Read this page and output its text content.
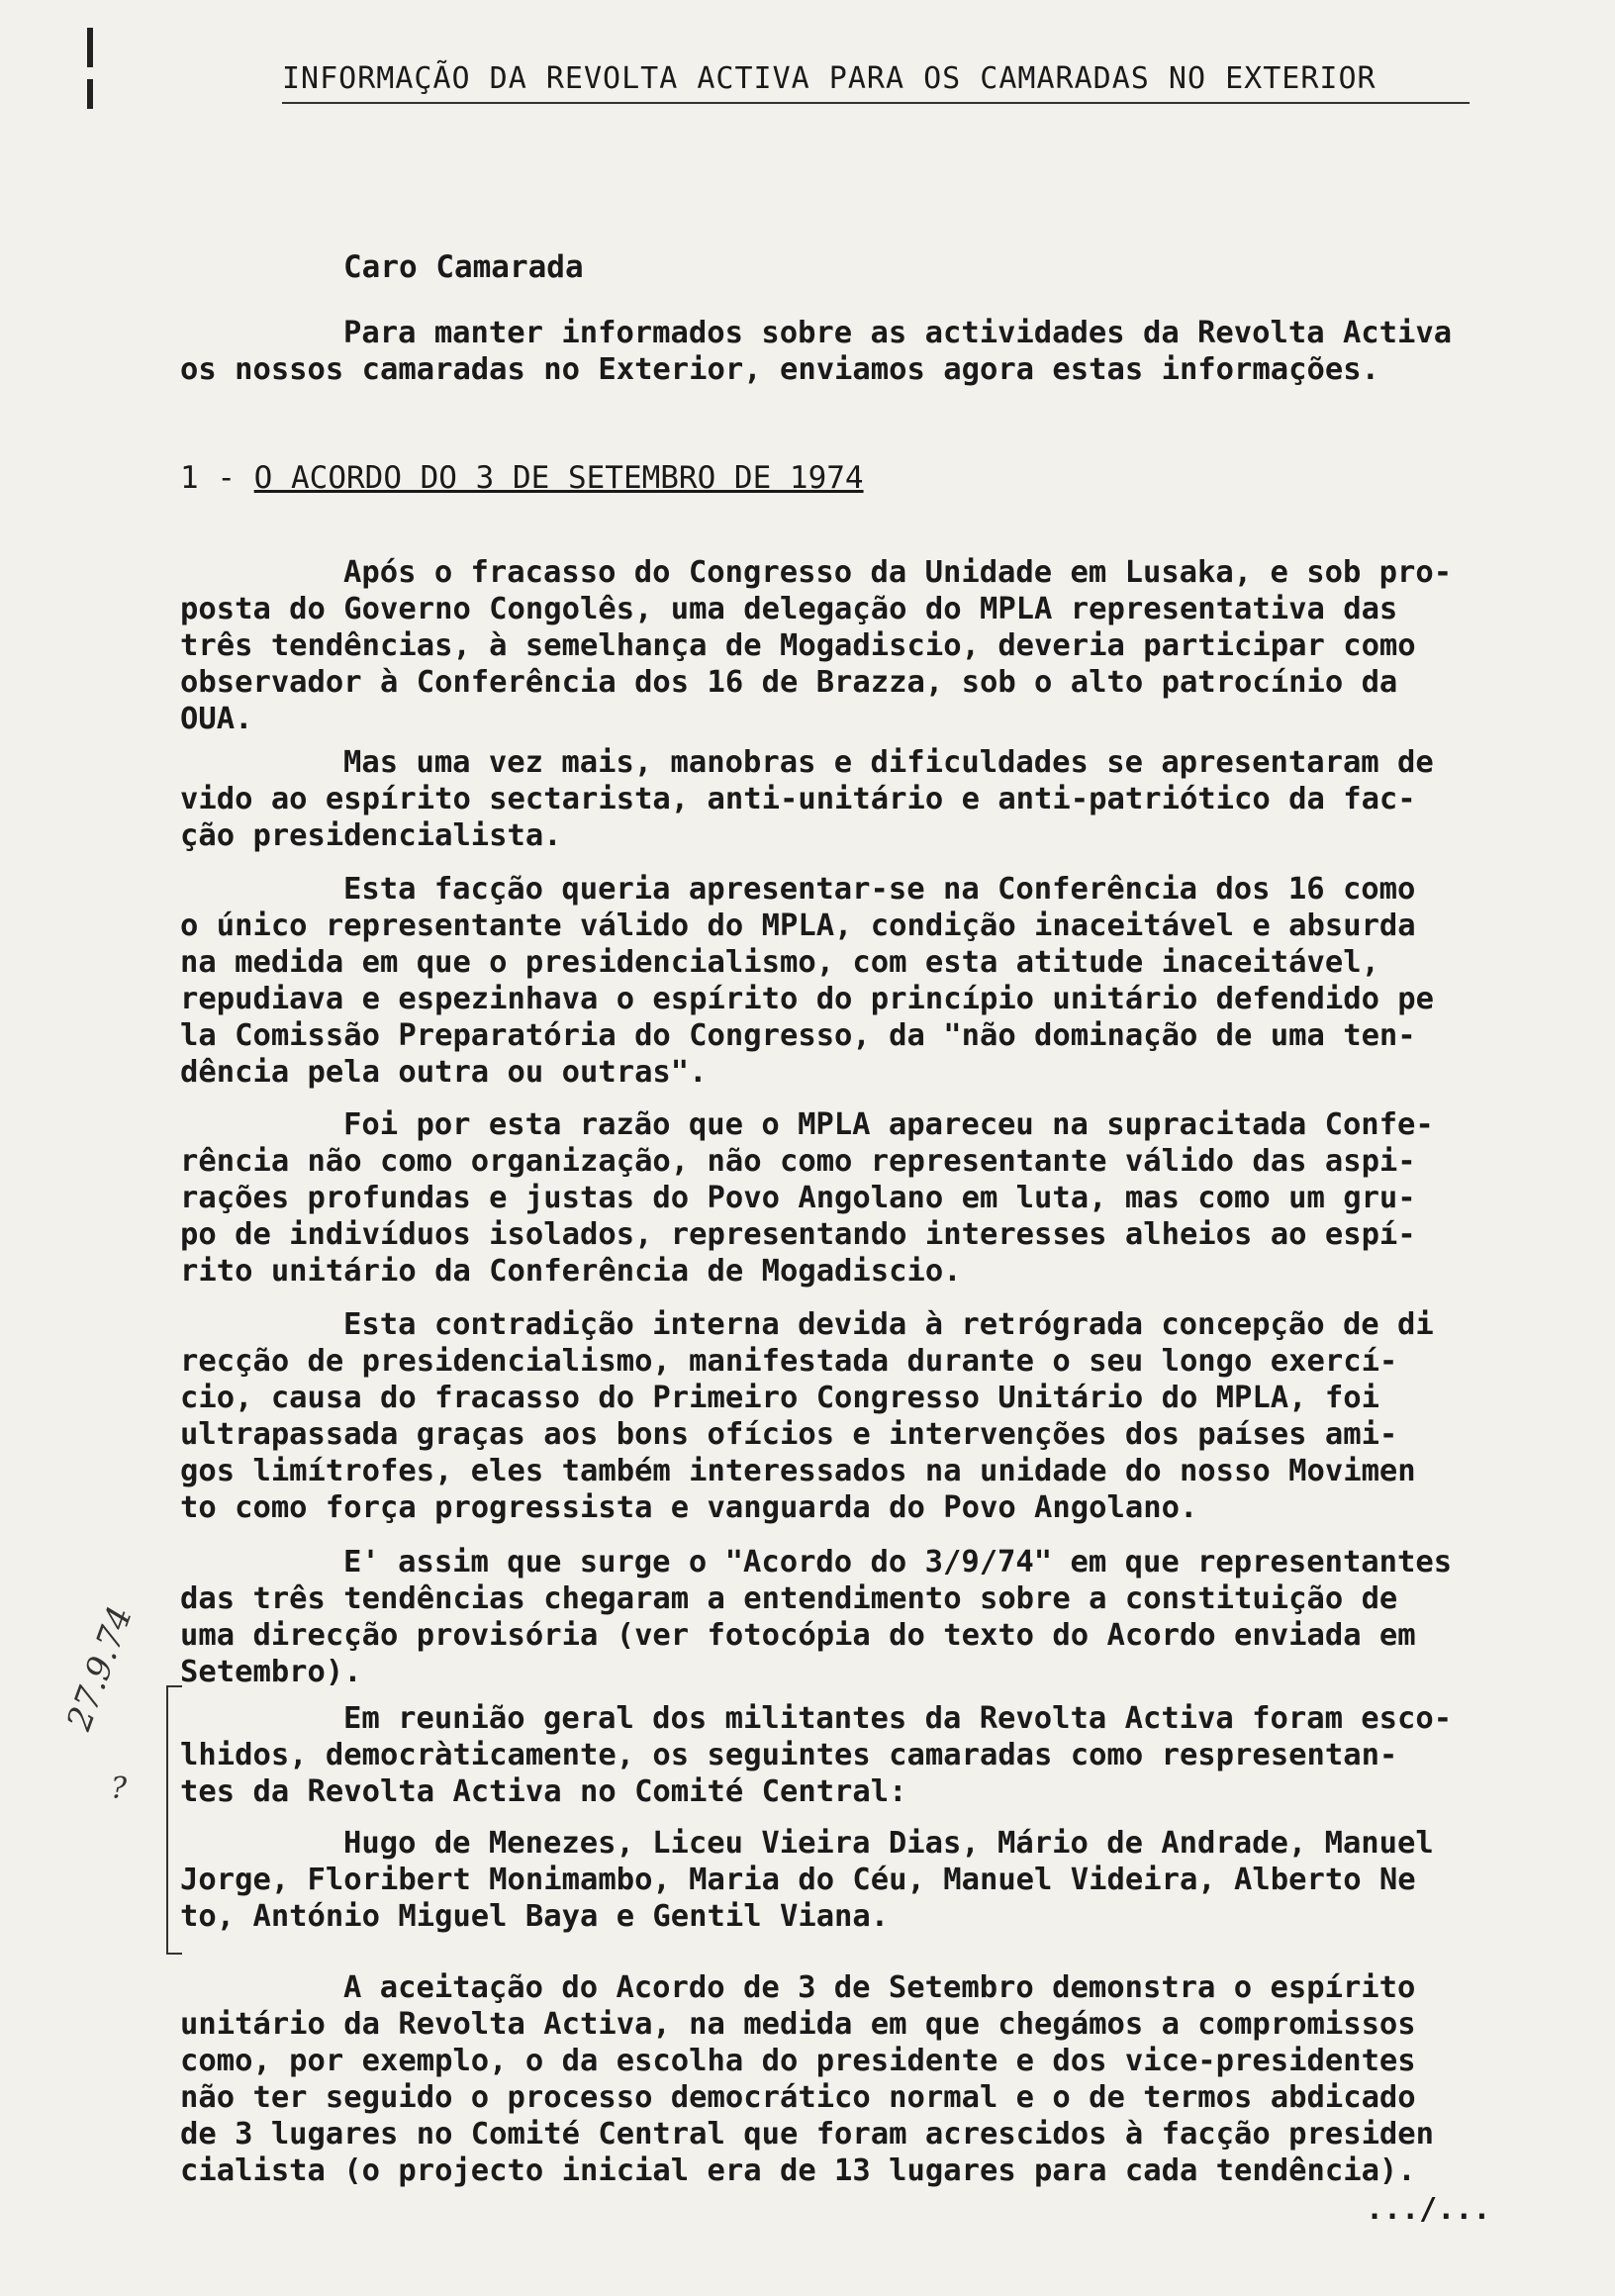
INFORMAÇÃO DA REVOLTA ACTIVA PARA OS CAMARADAS NO EXTERIOR
Caro Camarada

Para manter informados sobre as actividades da Revolta Activa
os nossos camaradas no Exterior, enviamos agora estas informações.

1 - O ACORDO DO 3 DE SETEMBRO DE 1974

Após o fracasso do Congresso da Unidade em Lusaka, e sob pro-
posta do Governo Congolês, uma delegação do MPLA representativa das
três tendências, à semelhança de Mogadiscio, deveria participar como
observador à Conferência dos 16 de Brazza, sob o alto patrocínio da
OUA.

Mas uma vez mais, manobras e dificuldades se apresentaram de
vido ao espírito sectarista, anti-unitário e anti-patriótico da fac-
ção presidencialista.

Esta facção queria apresentar-se na Conferência dos 16 como
o único representante válido do MPLA, condição inaceitável e absurda
na medida em que o presidencialismo, com esta atitude inaceitável,
repudiava e espezinhava o espírito do princípio unitário defendido pe
la Comissão Preparatória do Congresso, da "não dominação de uma ten-
dência pela outra ou outras".

Foi por esta razão que o MPLA apareceu na supracitada Confe-
rência não como organização, não como representante válido das aspi-
rações profundas e justas do Povo Angolano em luta, mas como um gru-
po de indivíduos isolados, representando interesses alheios ao espí-
rito unitário da Conferência de Mogadiscio.

Esta contradição interna devida à retrógrada concepção de di
recção de presidencialismo, manifestada durante o seu longo exercí-
cio, causa do fracasso do Primeiro Congresso Unitário do MPLA, foi
ultrapassada graças aos bons ofícios e intervenções dos países ami-
gos limítrofes, eles também interessados na unidade do nosso Movimen
to como força progressista e vanguarda do Povo Angolano.

E' assim que surge o "Acordo do 3/9/74" em que representantes
das três tendências chegaram a entendimento sobre a constituição de
uma direcção provisória (ver fotocópia do texto do Acordo enviada em
Setembro).

27.9.74
?

Em reunião geral dos militantes da Revolta Activa foram esco-
lhidos, democràticamente, os seguintes camaradas como respresentan-
tes da Revolta Activa no Comité Central:

Hugo de Menezes, Liceu Vieira Dias, Mário de Andrade, Manuel
Jorge, Floribert Monimambo, Maria do Céu, Manuel Videira, Alberto Ne
to, António Miguel Baya e Gentil Viana.

A aceitação do Acordo de 3 de Setembro demonstra o espírito
unitário da Revolta Activa, na medida em que chegámos a compromissos
como, por exemplo, o da escolha do presidente e dos vice-presidentes
não ter seguido o processo democrático normal e o de termos abdicado
de 3 lugares no Comité Central que foram acrescidos à facção presiden
cialista (o projecto inicial era de 13 lugares para cada tendência).

.../...
